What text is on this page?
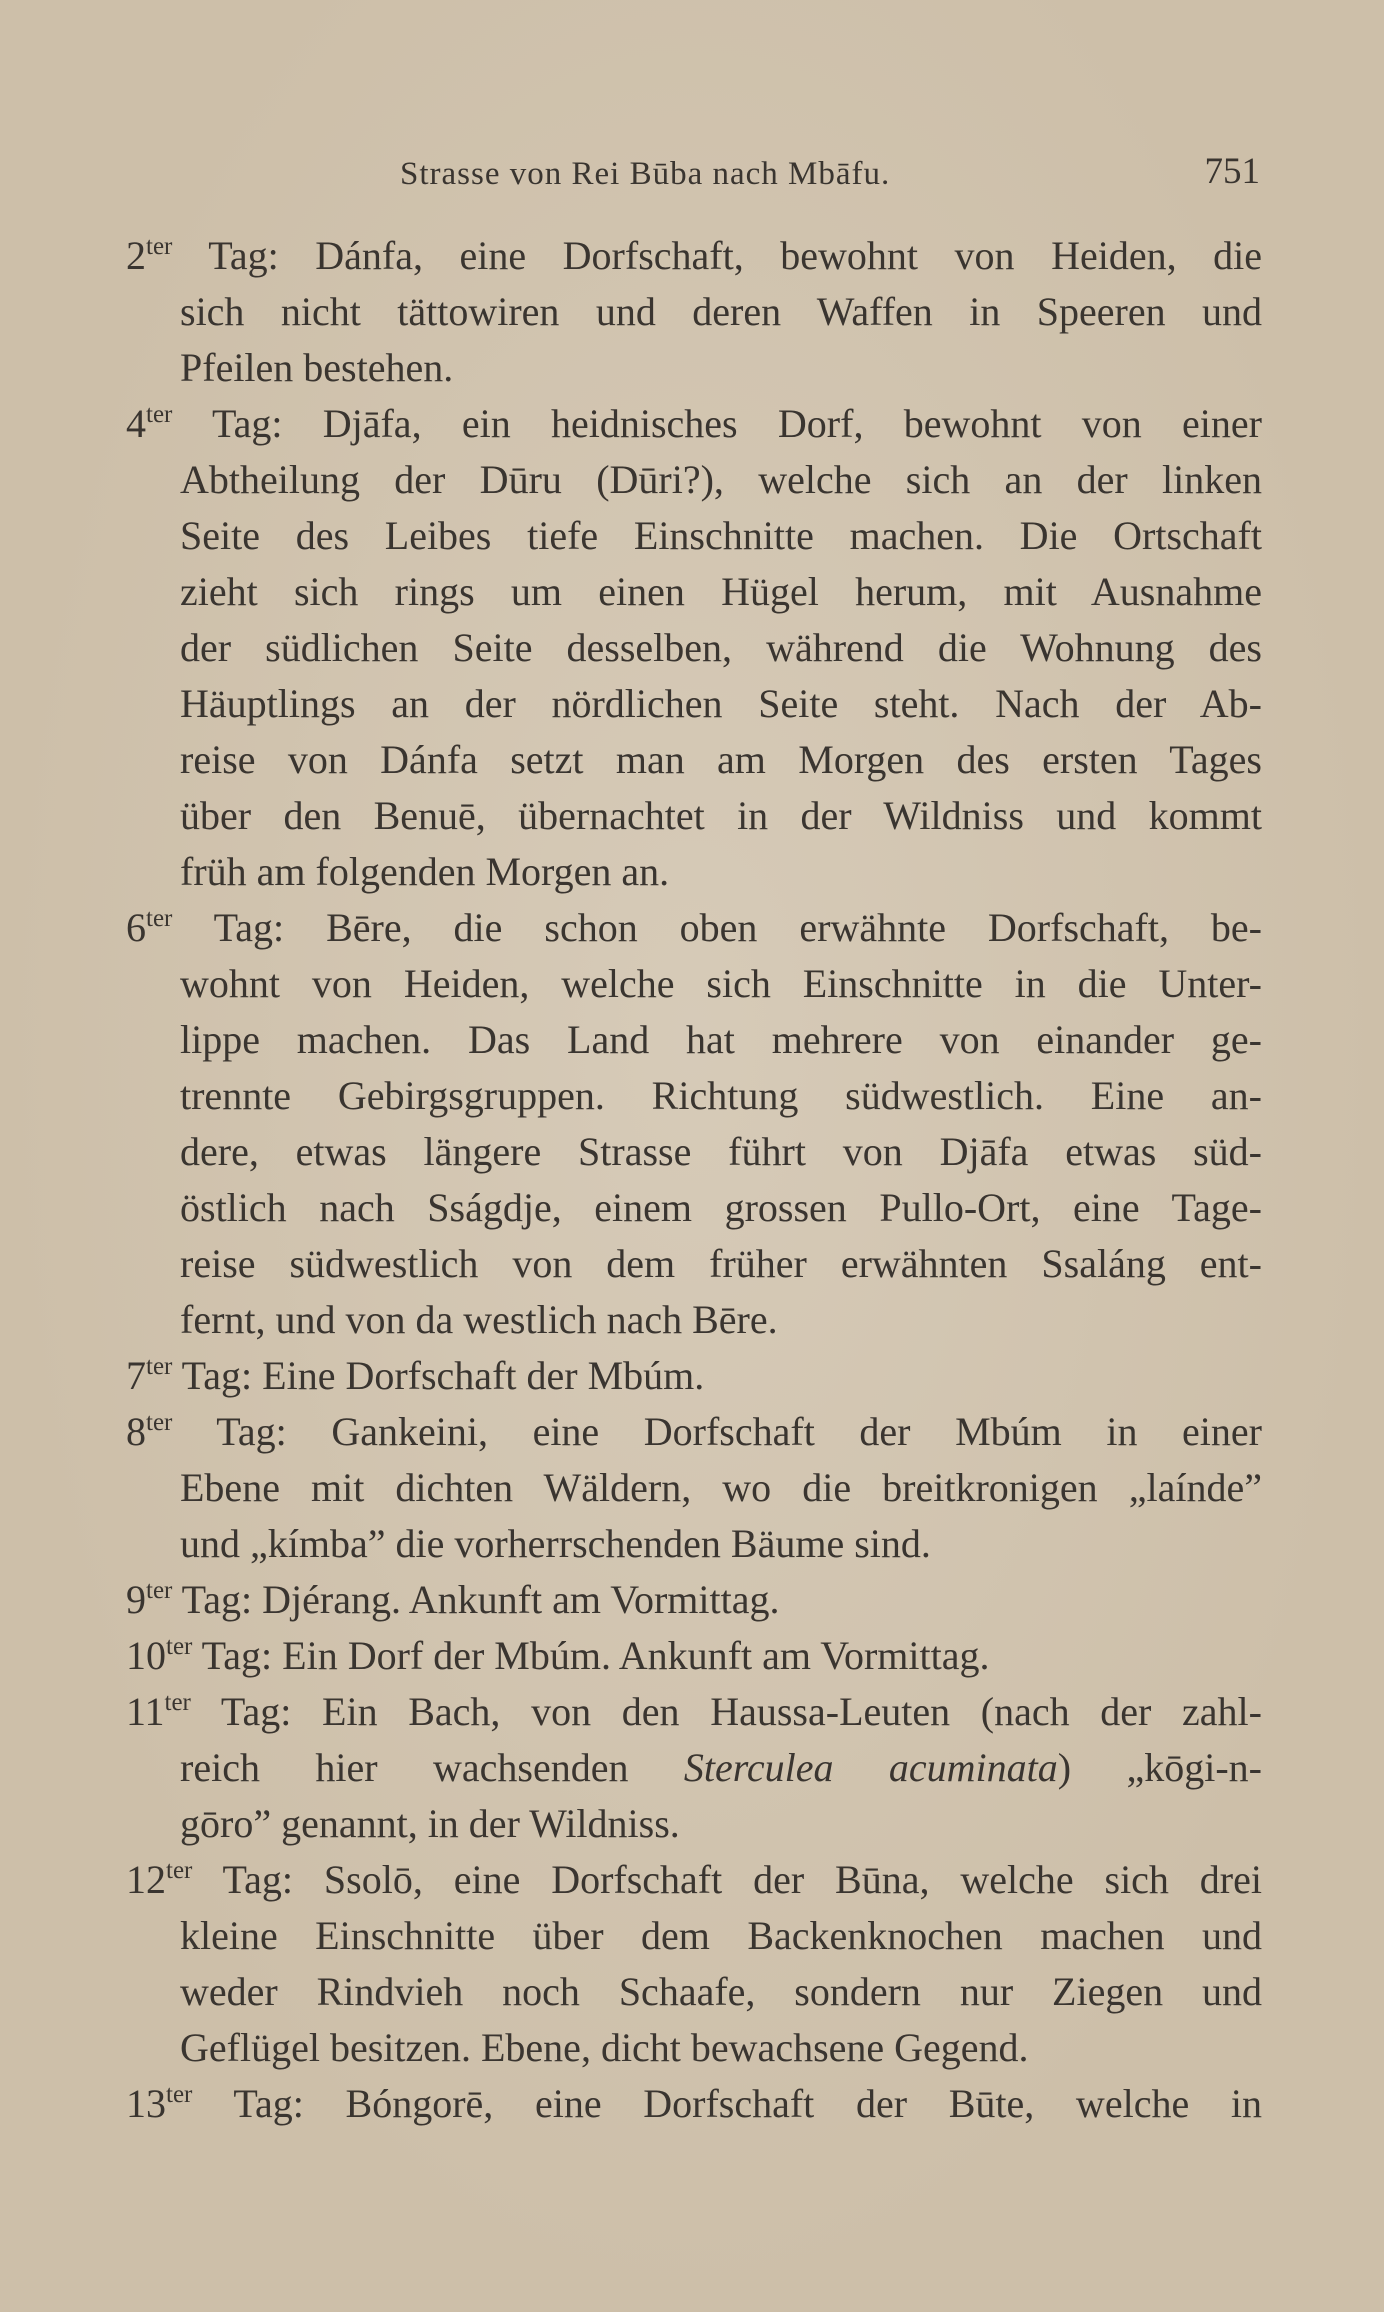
Strasse von Rei Būba nach Mbāfu.	751
$2^{ter}$ Tag: Dánfa, eine Dorfschaft, bewohnt von Heiden, die
sich nicht tättowiren und deren Waffen in Speeren und
Pfeilen bestehen.
$4^{ter}$ Tag: Djāfa, ein heidnisches Dorf, bewohnt von einer
Abtheilung der Dūru (Dūri?), welche sich an der linken
Seite des Leibes tiefe Einschnitte machen. Die Ortschaft
zieht sich rings um einen Hügel herum, mit Ausnahme
der südlichen Seite desselben, während die Wohnung des
Häuptlings an der nördlichen Seite steht. Nach der Ab-
reise von Dánfa setzt man am Morgen des ersten Tages
über den Benuē, übernachtet in der Wildniss und kommt
früh am folgenden Morgen an.
$6^{ter}$ Tag: Bēre, die schon oben erwähnte Dorfschaft, be-
wohnt von Heiden, welche sich Einschnitte in die Unter-
lippe machen. Das Land hat mehrere von einander ge-
trennte Gebirgsgruppen. Richtung südwestlich. Eine an-
dere, etwas längere Strasse führt von Djāfa etwas süd-
östlich nach Sságdje, einem grossen Pullo-Ort, eine Tage-
reise südwestlich von dem früher erwähnten Ssaláng ent-
fernt, und von da westlich nach Bēre.
$7^{ter}$ Tag: Eine Dorfschaft der Mbúm.
$8^{ter}$ Tag: Gankeini, eine Dorfschaft der Mbúm in einer
Ebene mit dichten Wäldern, wo die breitkronigen „laínde”
und „kímba” die vorherrschenden Bäume sind.
$9^{ter}$ Tag: Djérang. Ankunft am Vormittag.
$10^{ter}$ Tag: Ein Dorf der Mbúm. Ankunft am Vormittag.
$11^{ter}$ Tag: Ein Bach, von den Haussa-Leuten (nach der zahl-
reich hier wachsenden Sterculea acuminata) „kōgi-n-
gōro” genannt, in der Wildniss.
$12^{ter}$ Tag: Ssolō, eine Dorfschaft der Būna, welche sich drei
kleine Einschnitte über dem Backenknochen machen und
weder Rindvieh noch Schaafe, sondern nur Ziegen und
Geflügel besitzen. Ebene, dicht bewachsene Gegend.
$13^{ter}$ Tag: Bóngorē, eine Dorfschaft der Būte, welche in
